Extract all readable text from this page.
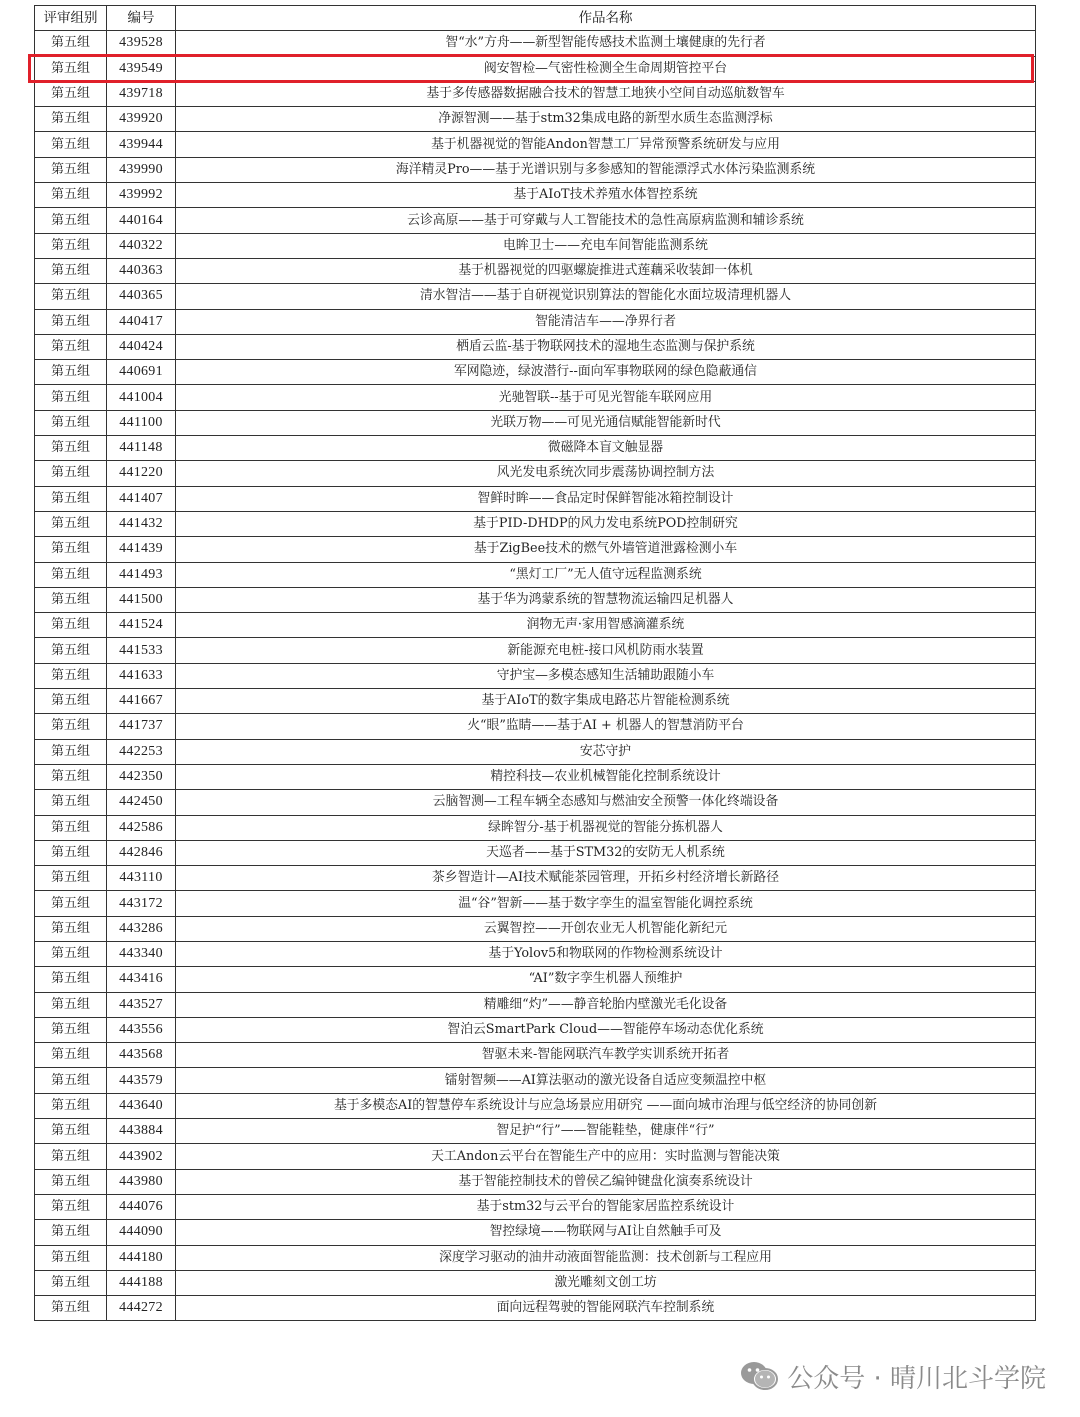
评审组别	编号	作品名称
第五组	439528	智“水”方舟——新型智能传感技术监测土壤健康的先行者
第五组	439549	阀安智检—气密性检测全生命周期管控平台
第五组	439718	基于多传感器数据融合技术的智慧工地狭小空间自动巡航数智车
第五组	439920	净源智测——基于stm32集成电路的新型水质生态监测浮标
第五组	439944	基于机器视觉的智能Andon智慧工厂异常预警系统研发与应用
第五组	439990	海洋精灵Pro——基于光谱识别与多参感知的智能漂浮式水体污染监测系统
第五组	439992	基于AIoT技术养殖水体智控系统
第五组	440164	云诊高原——基于可穿戴与人工智能技术的急性高原病监测和辅诊系统
第五组	440322	电眸卫士——充电车间智能监测系统
第五组	440363	基于机器视觉的四驱螺旋推进式莲藕采收装卸一体机
第五组	440365	清水智洁——基于自研视觉识别算法的智能化水面垃圾清理机器人
第五组	440417	智能清洁车——净界行者
第五组	440424	栖盾云监-基于物联网技术的湿地生态监测与保护系统
第五组	440691	军网隐迹，绿波潜行--面向军事物联网的绿色隐蔽通信
第五组	441004	光驰智联--基于可见光智能车联网应用
第五组	441100	光联万物——可见光通信赋能智能新时代
第五组	441148	微磁降本盲文触显器
第五组	441220	风光发电系统次同步震荡协调控制方法
第五组	441407	智鲜时眸——食品定时保鲜智能冰箱控制设计
第五组	441432	基于PID-DHDP的风力发电系统POD控制研究
第五组	441439	基于ZigBee技术的燃气外墙管道泄露检测小车
第五组	441493	“黑灯工厂”无人值守远程监测系统
第五组	441500	基于华为鸿蒙系统的智慧物流运输四足机器人
第五组	441524	润物无声·家用智感滴灌系统
第五组	441533	新能源充电桩-接口风机防雨水装置
第五组	441633	守护宝—多模态感知生活辅助跟随小车
第五组	441667	基于AIoT的数字集成电路芯片智能检测系统
第五组	441737	火“眼”监睛——基于AI + 机器人的智慧消防平台
第五组	442253	安芯守护
第五组	442350	精控科技—农业机械智能化控制系统设计
第五组	442450	云脑智测—工程车辆全态感知与燃油安全预警一体化终端设备
第五组	442586	绿眸智分-基于机器视觉的智能分拣机器人
第五组	442846	天巡者——基于STM32的安防无人机系统
第五组	443110	茶乡智造计—AI技术赋能茶园管理，开拓乡村经济增长新路径
第五组	443172	温“谷”智新——基于数字孪生的温室智能化调控系统
第五组	443286	云翼智控——开创农业无人机智能化新纪元
第五组	443340	基于Yolov5和物联网的作物检测系统设计
第五组	443416	“AI”数字孪生机器人预维护
第五组	443527	精雕细“灼”——静音轮胎内壁激光毛化设备
第五组	443556	智泊云SmartPark Cloud——智能停车场动态优化系统
第五组	443568	智驱未来-智能网联汽车教学实训系统开拓者
第五组	443579	镭射智频——AI算法驱动的激光设备自适应变频温控中枢
第五组	443640	基于多模态AI的智慧停车系统设计与应急场景应用研究 ——面向城市治理与低空经济的协同创新
第五组	443884	智足护“行”——智能鞋垫，健康伴“行”
第五组	443902	天工Andon云平台在智能生产中的应用：实时监测与智能决策
第五组	443980	基于智能控制技术的曾侯乙编钟键盘化演奏系统设计
第五组	444076	基于stm32与云平台的智能家居监控系统设计
第五组	444090	智控绿境——物联网与AI让自然触手可及
第五组	444180	深度学习驱动的油井动液面智能监测：技术创新与工程应用
第五组	444188	激光雕刻文创工坊
第五组	444272	面向远程驾驶的智能网联汽车控制系统
公众号 · 晴川北斗学院
